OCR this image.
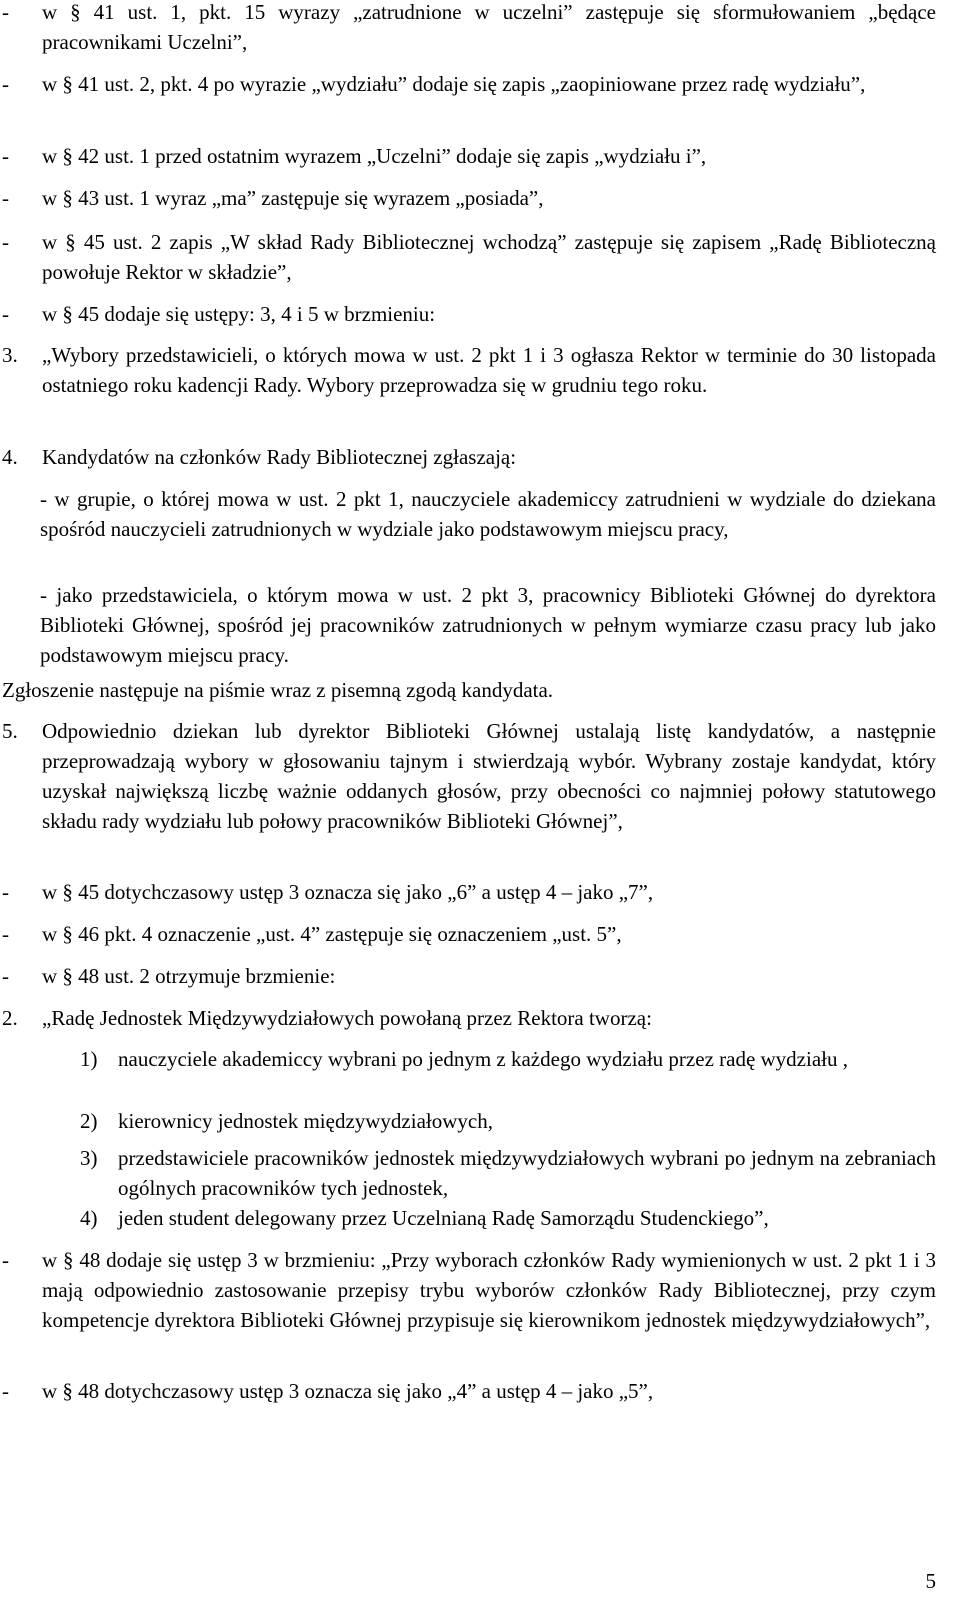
-	w § 41 ust. 1, pkt. 15 wyrazy „zatrudnione w uczelni” zastępuje się sformułowaniem „będące pracownikami Uczelni”,
-	w § 41 ust. 2, pkt. 4 po wyrazie „wydziału” dodaje się zapis „zaopiniowane przez radę wydziału”,
-	w § 42 ust. 1 przed ostatnim wyrazem „Uczelni” dodaje się zapis „wydziału i”,
-	w § 43 ust. 1 wyraz „ma” zastępuje się wyrazem „posiada”,
-	w § 45 ust. 2 zapis „W skład Rady Bibliotecznej wchodzą” zastępuje się zapisem „Radę Biblioteczną powołuje Rektor w składzie”,
-	w § 45 dodaje się ustępy: 3, 4 i 5 w brzmieniu:
3. „Wybory przedstawicieli, o których mowa w ust. 2 pkt 1 i 3 ogłasza Rektor w terminie do 30 listopada ostatniego roku kadencji Rady. Wybory przeprowadza się w grudniu tego roku.
4. Kandydatów na członków Rady Bibliotecznej zgłaszają:
- w grupie, o której mowa w ust. 2 pkt 1, nauczyciele akademiccy zatrudnieni w wydziale do dziekana spośród nauczycieli zatrudnionych w wydziale jako podstawowym miejscu pracy,
- jako przedstawiciela, o którym mowa w ust. 2 pkt 3, pracownicy Biblioteki Głównej do dyrektora Biblioteki Głównej, spośród jej pracowników zatrudnionych w pełnym wymiarze czasu pracy lub jako podstawowym miejscu pracy.
Zgłoszenie następuje na piśmie wraz z pisemną zgodą kandydata.
5. Odpowiednio dziekan lub dyrektor Biblioteki Głównej ustalają listę kandydatów, a następnie przeprowadzają wybory w głosowaniu tajnym i stwierdzają wybór. Wybrany zostaje kandydat, który uzyskał największą liczbę ważnie oddanych głosów, przy obecności co najmniej połowy statutowego składu rady wydziału lub połowy pracowników Biblioteki Głównej”,
-	w § 45 dotychczasowy ustęp 3 oznacza się jako „6” a ustęp 4 – jako „7”,
-	w § 46 pkt. 4 oznaczenie „ust. 4” zastępuje się oznaczeniem „ust. 5”,
-	w § 48 ust. 2 otrzymuje brzmienie:
2. „Radę Jednostek Międzywydziałowych powołaną przez Rektora tworzą:
1) nauczyciele akademiccy wybrani po jednym z każdego wydziału przez radę wydziału ,
2) kierownicy jednostek międzywydziałowych,
3) przedstawiciele pracowników jednostek międzywydziałowych wybrani po jednym na zebraniach ogólnych pracowników tych jednostek,
4) jeden student delegowany przez Uczelnianą Radę Samorządu Studenckiego”,
-	w § 48 dodaje się ustęp 3 w brzmieniu: „Przy wyborach członków Rady wymienionych w ust. 2 pkt 1 i 3 mają odpowiednio zastosowanie przepisy trybu wyborów członków Rady Bibliotecznej, przy czym kompetencje dyrektora Biblioteki Głównej przypisuje się kierownikom jednostek międzywydziałowych”,
-	w § 48 dotychczasowy ustęp 3 oznacza się jako „4” a ustęp 4 – jako „5”,
5
